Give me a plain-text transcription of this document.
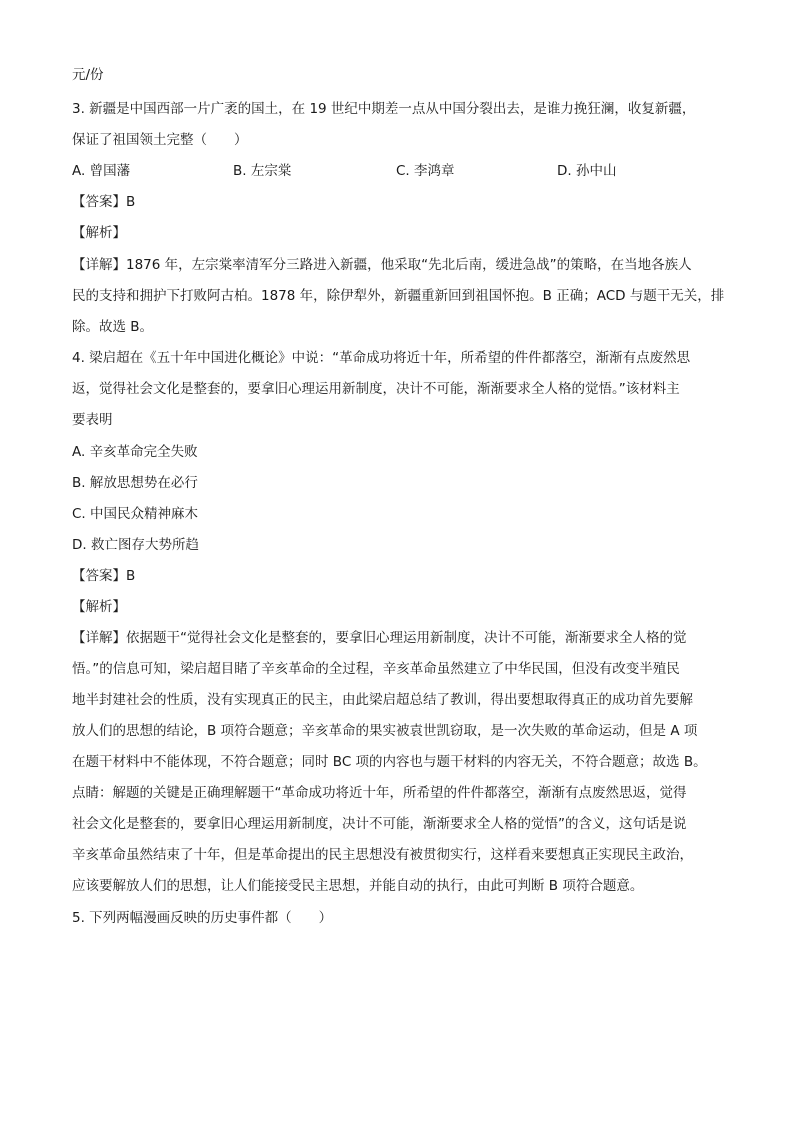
元/份

3. 新疆是中国西部一片广袤的国土，在 19 世纪中期差一点从中国分裂出去，是谁力挽狂澜，收复新疆，

保证了祖国领土完整（　　）

A. 曾国藩	B. 左宗棠	C. 李鸿章	D. 孙中山

【答案】B

【解析】

【详解】1876 年，左宗棠率清军分三路进入新疆，他采取“先北后南，缓进急战”的策略，在当地各族人

民的支持和拥护下打败阿古柏。1878 年，除伊犁外，新疆重新回到祖国怀抱。B 正确；ACD 与题干无关，排

除。故选 B。

4. 梁启超在《五十年中国进化概论》中说：“革命成功将近十年，所希望的件件都落空，渐渐有点废然思

返，觉得社会文化是整套的，要拿旧心理运用新制度，决计不可能，渐渐要求全人格的觉悟。”该材料主

要表明

A. 辛亥革命完全失败

B. 解放思想势在必行

C. 中国民众精神麻木

D. 救亡图存大势所趋

【答案】B

【解析】

【详解】依据题干“觉得社会文化是整套的，要拿旧心理运用新制度，决计不可能，渐渐要求全人格的觉

悟。”的信息可知，梁启超目睹了辛亥革命的全过程，辛亥革命虽然建立了中华民国，但没有改变半殖民

地半封建社会的性质，没有实现真正的民主，由此梁启超总结了教训，得出要想取得真正的成功首先要解

放人们的思想的结论，B 项符合题意；辛亥革命的果实被袁世凯窃取，是一次失败的革命运动，但是 A 项

在题干材料中不能体现，不符合题意；同时 BC 项的内容也与题干材料的内容无关，不符合题意；故选 B。

点睛：解题的关键是正确理解题干“革命成功将近十年，所希望的件件都落空，渐渐有点废然思返，觉得

社会文化是整套的，要拿旧心理运用新制度，决计不可能，渐渐要求全人格的觉悟”的含义，这句话是说

辛亥革命虽然结束了十年，但是革命提出的民主思想没有被贯彻实行，这样看来要想真正实现民主政治，

应该要解放人们的思想，让人们能接受民主思想，并能自动的执行，由此可判断 B 项符合题意。

5. 下列两幅漫画反映的历史事件都（　　）
